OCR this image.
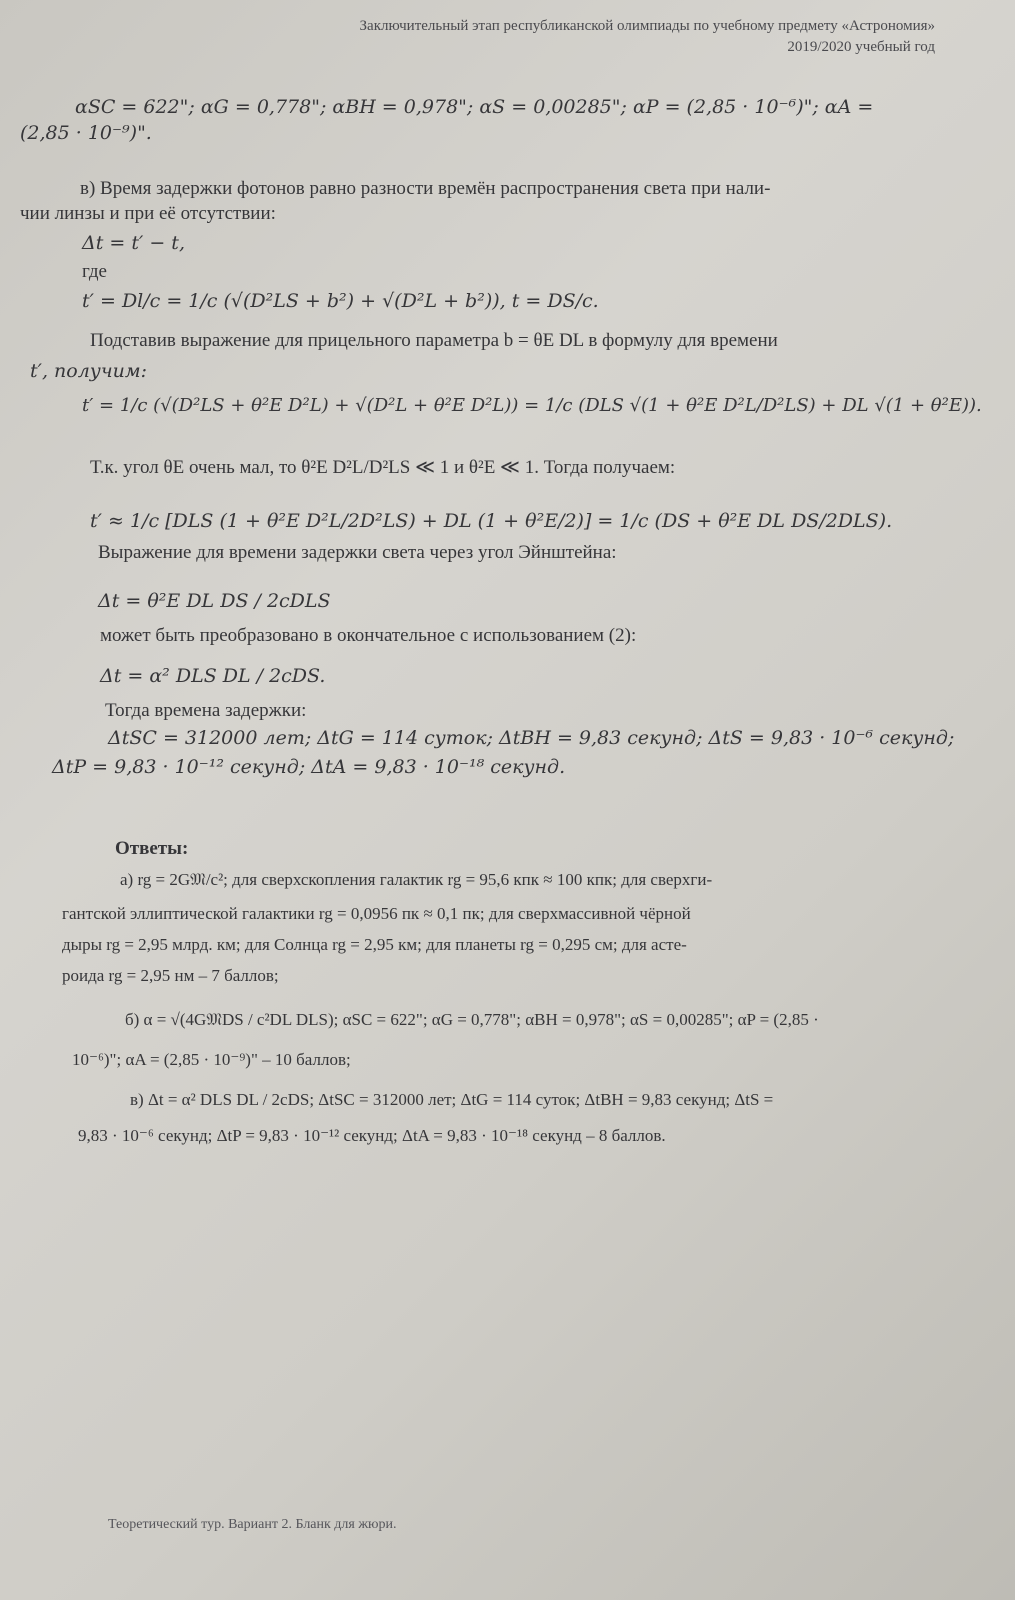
Заключительный этап республиканской олимпиады по учебному предмету «Астрономия»
2019/2020 учебный год
αSC = 622"; αG = 0,778"; αBH = 0,978"; αS = 0,00285"; αP = (2,85 · 10⁻⁶)"; αA =
(2,85 · 10⁻⁹)".
в) Время задержки фотонов равно разности времён распространения света при нали-
чии линзы и при её отсутствии:
Δt = t′ − t,
где
t′ = Dl/c = 1/c (√(D²LS + b²) + √(D²L + b²)), t = DS/c.
Подставив выражение для прицельного параметра b = θE DL в формулу для времени
t′, получим:
t′ = 1/c (√(D²LS + θ²E D²L) + √(D²L + θ²E D²L)) = 1/c (DLS √(1 + θ²E D²L/D²LS) + DL √(1 + θ²E)).
Т.к. угол θE очень мал, то θ²E D²L/D²LS ≪ 1 и θ²E ≪ 1. Тогда получаем:
t′ ≈ 1/c [DLS (1 + θ²E D²L/2D²LS) + DL (1 + θ²E/2)] = 1/c (DS + θ²E DL DS/2DLS).
Выражение для времени задержки света через угол Эйнштейна:
Δt = θ²E DL DS / 2cDLS
может быть преобразовано в окончательное с использованием (2):
Δt = α² DLS DL / 2cDS.
Тогда времена задержки:
ΔtSC = 312000 лет; ΔtG = 114 суток; ΔtBH = 9,83 секунд; ΔtS = 9,83 · 10⁻⁶ секунд;
ΔtP = 9,83 · 10⁻¹² секунд; ΔtA = 9,83 · 10⁻¹⁸ секунд.
Ответы:
а) rg = 2G𝔐/c²; для сверхскопления галактик rg = 95,6 кпк ≈ 100 кпк; для сверхги-
гантской эллиптической галактики rg = 0,0956 пк ≈ 0,1 пк; для сверхмассивной чёрной
дыры rg = 2,95 млрд. км; для Солнца rg = 2,95 км; для планеты rg = 0,295 см; для асте-
роида rg = 2,95 нм – 7 баллов;
б) α = √(4G𝔐DS / c²DL DLS); αSC = 622"; αG = 0,778"; αBH = 0,978"; αS = 0,00285"; αP = (2,85 ·
10⁻⁶)"; αA = (2,85 · 10⁻⁹)" – 10 баллов;
в) Δt = α² DLS DL / 2cDS; ΔtSC = 312000 лет; ΔtG = 114 суток; ΔtBH = 9,83 секунд; ΔtS =
9,83 · 10⁻⁶ секунд; ΔtP = 9,83 · 10⁻¹² секунд; ΔtA = 9,83 · 10⁻¹⁸ секунд – 8 баллов.
Теоретический тур. Вариант 2. Бланк для жюри.
